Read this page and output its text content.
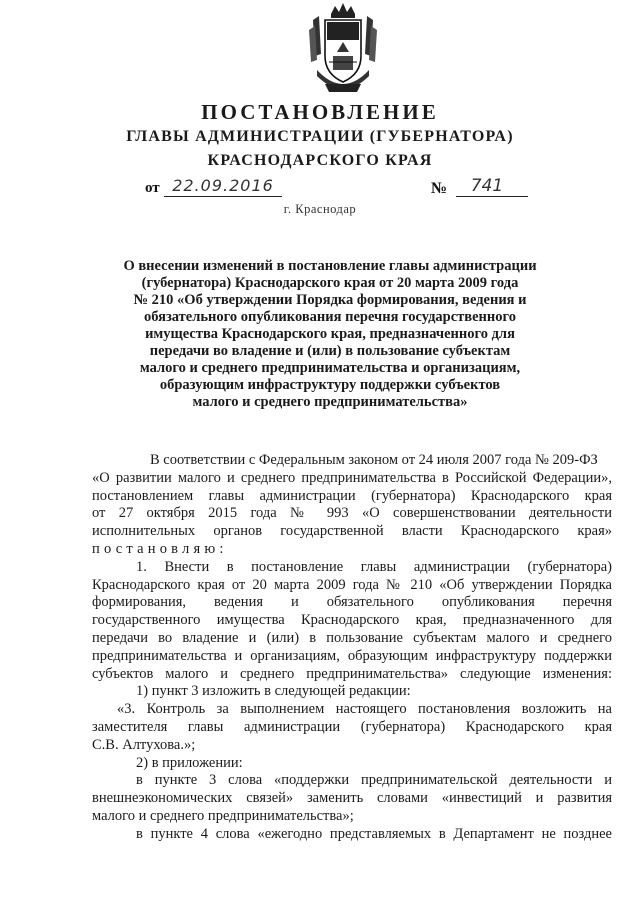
ПОСТАНОВЛЕНИЕ
ГЛАВЫ АДМИНИСТРАЦИИ (ГУБЕРНАТОРА)
КРАСНОДАРСКОГО КРАЯ
от 22.09.2016	№	741
г. Краснодар
О внесении изменений в постановление главы администрации
(губернатора) Краснодарского края от 20 марта 2009 года
№ 210 «Об утверждении Порядка формирования, ведения и
обязательного опубликования перечня государственного
имущества Краснодарского края, предназначенного для
передачи во владение и (или) в пользование субъектам
малого и среднего предпринимательства и организациям,
образующим инфраструктуру поддержки субъектов
малого и среднего предпринимательства»
В соответствии с Федеральным законом от 24 июля 2007 года № 209-ФЗ
«О развитии малого и среднего предпринимательства в Российской Федерации»,
постановлением главы администрации (губернатора) Краснодарского края
от 27 октября 2015 года № 993 «О совершенствовании деятельности
исполнительных органов государственной власти Краснодарского края»
постановляю:
1. Внести в постановление главы администрации (губернатора)
Краснодарского края от 20 марта 2009 года № 210 «Об утверждении Порядка
формирования, ведения и обязательного опубликования перечня
государственного имущества Краснодарского края, предназначенного для
передачи во владение и (или) в пользование субъектам малого и среднего
предпринимательства и организациям, образующим инфраструктуру поддержки
субъектов малого и среднего предпринимательства» следующие изменения:
1) пункт 3 изложить в следующей редакции:
«3. Контроль за выполнением настоящего постановления возложить на
заместителя главы администрации (губернатора) Краснодарского края
С.В. Алтухова.»;
2) в приложении:
в пункте 3 слова «поддержки предпринимательской деятельности и
внешнеэкономических связей» заменить словами «инвестиций и развития
малого и среднего предпринимательства»;
в пункте 4 слова «ежегодно представляемых в Департамент не позднее
